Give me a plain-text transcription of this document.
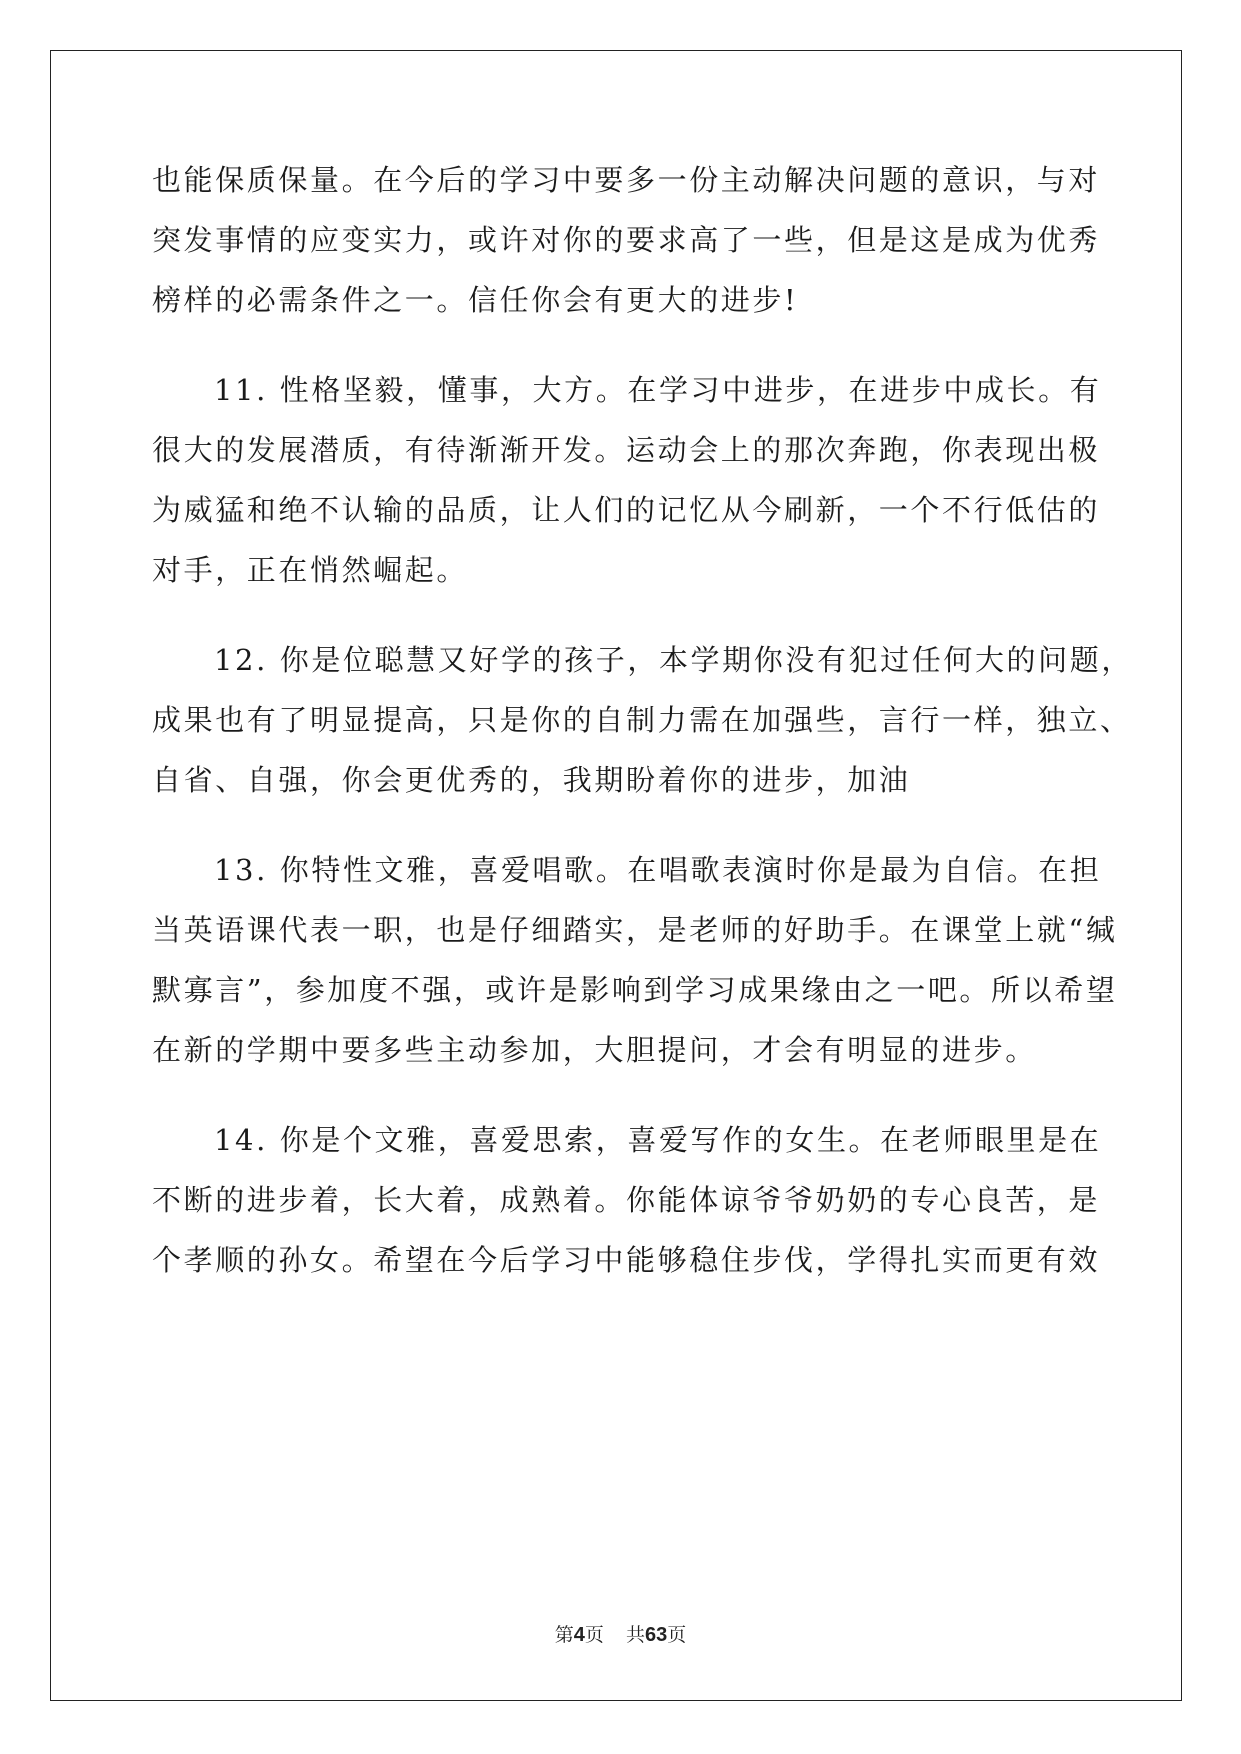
也能保质保量。在今后的学习中要多一份主动解决问题的意识，与对
突发事情的应变实力，或许对你的要求高了一些，但是这是成为优秀
榜样的必需条件之一。信任你会有更大的进步!
11. 性格坚毅，懂事，大方。在学习中进步，在进步中成长。有
很大的发展潜质，有待渐渐开发。运动会上的那次奔跑，你表现出极
为威猛和绝不认输的品质，让人们的记忆从今刷新，一个不行低估的
对手，正在悄然崛起。
12. 你是位聪慧又好学的孩子，本学期你没有犯过任何大的问题，
成果也有了明显提高，只是你的自制力需在加强些，言行一样，独立、
自省、自强，你会更优秀的，我期盼着你的进步，加油
13. 你特性文雅，喜爱唱歌。在唱歌表演时你是最为自信。在担
当英语课代表一职，也是仔细踏实，是老师的好助手。在课堂上就“缄
默寡言”，参加度不强，或许是影响到学习成果缘由之一吧。所以希望
在新的学期中要多些主动参加，大胆提问，才会有明显的进步。
14. 你是个文雅，喜爱思索，喜爱写作的女生。在老师眼里是在
不断的进步着，长大着，成熟着。你能体谅爷爷奶奶的专心良苦，是
个孝顺的孙女。希望在今后学习中能够稳住步伐，学得扎实而更有效
第4页 共63页
